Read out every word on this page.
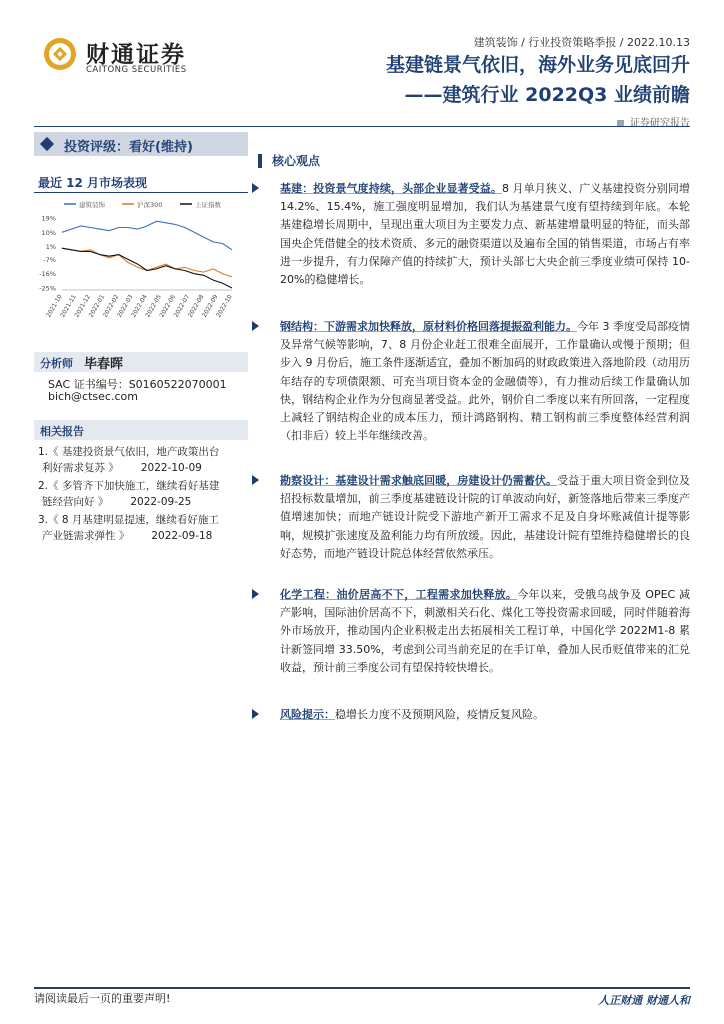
财通证券
CAITONG SECURITIES
建筑装饰 / 行业投资策略季报 / 2022.10.13
基建链景气依旧，海外业务见底回升
——建筑行业 2022Q3 业绩前瞻
证券研究报告
投资评级：看好(维持)
最近 12 月市场表现
建筑装饰	沪深300	上证指数
19%
10%
1%
-7%
-16%
-25%
2021-10
2021-11
2021-12
2022-01
2022-02
2022-03
2022-04
2022-05
2022-06
2022-07
2022-08
2022-09
2022-10
分析师 毕春晖
SAC 证书编号：S0160522070001
bich@ctsec.com
相关报告
1.《 基建投资景气依旧，地产政策出台
利好需求复苏 》 2022-10-09
2.《 多管齐下加快施工，继续看好基建
链经营向好 》 2022-09-25
3.《 8 月基建明显提速，继续看好施工
产业链需求弹性 》 2022-09-18
核心观点

基建：投资景气度持续，头部企业显著受益。8 月单月狭义、广义基建投资分别同增 14.2%、15.4%，施工强度明显增加，我们认为基建景气度有望持续到年底。本轮基建稳增长周期中，呈现出重大项目为主要发力点、新基建增量明显的特征，而头部国央企凭借健全的技术资质、多元的融资渠道以及遍布全国的销售渠道，市场占有率进一步提升，有力保障产值的持续扩大，预计头部七大央企前三季度业绩可保持 10-20%的稳健增长。

钢结构：下游需求加快释放，原材料价格回落提振盈利能力。今年 3 季度受局部疫情及异常气候等影响，7、8 月份企业赶工很难全面展开，工作量确认或慢于预期；但步入 9 月份后，施工条件逐渐适宜，叠加不断加码的财政政策进入落地阶段（动用历年结存的专项债限额、可充当项目资本金的金融债等），有力推动后续工作量确认加快，钢结构企业作为分包商显著受益。此外，钢价自二季度以来有所回落，一定程度上减轻了钢结构企业的成本压力，预计鸿路钢构、精工钢构前三季度整体经营利润（扣非后）较上半年继续改善。

勘察设计：基建设计需求触底回暖，房建设计仍需蓄伏。受益于重大项目资金到位及招投标数量增加，前三季度基建链设计院的订单波动向好，新签落地后带来三季度产值增速加快；而地产链设计院受下游地产新开工需求不足及自身坏账减值计提等影响，规模扩张速度及盈利能力均有所放缓。因此，基建设计院有望维持稳健增长的良好态势，而地产链设计院总体经营依然承压。

化学工程：油价居高不下，工程需求加快释放。今年以来，受俄乌战争及 OPEC 减产影响，国际油价居高不下，刺激相关石化、煤化工等投资需求回暖，同时伴随着海外市场放开，推动国内企业积极走出去拓展相关工程订单，中国化学 2022M1-8 累计新签同增 33.50%，考虑到公司当前充足的在手订单，叠加人民币贬值带来的汇兑收益，预计前三季度公司有望保持较快增长。

风险提示：稳增长力度不及预期风险，疫情反复风险。

请阅读最后一页的重要声明!	人正财通 财通人和
